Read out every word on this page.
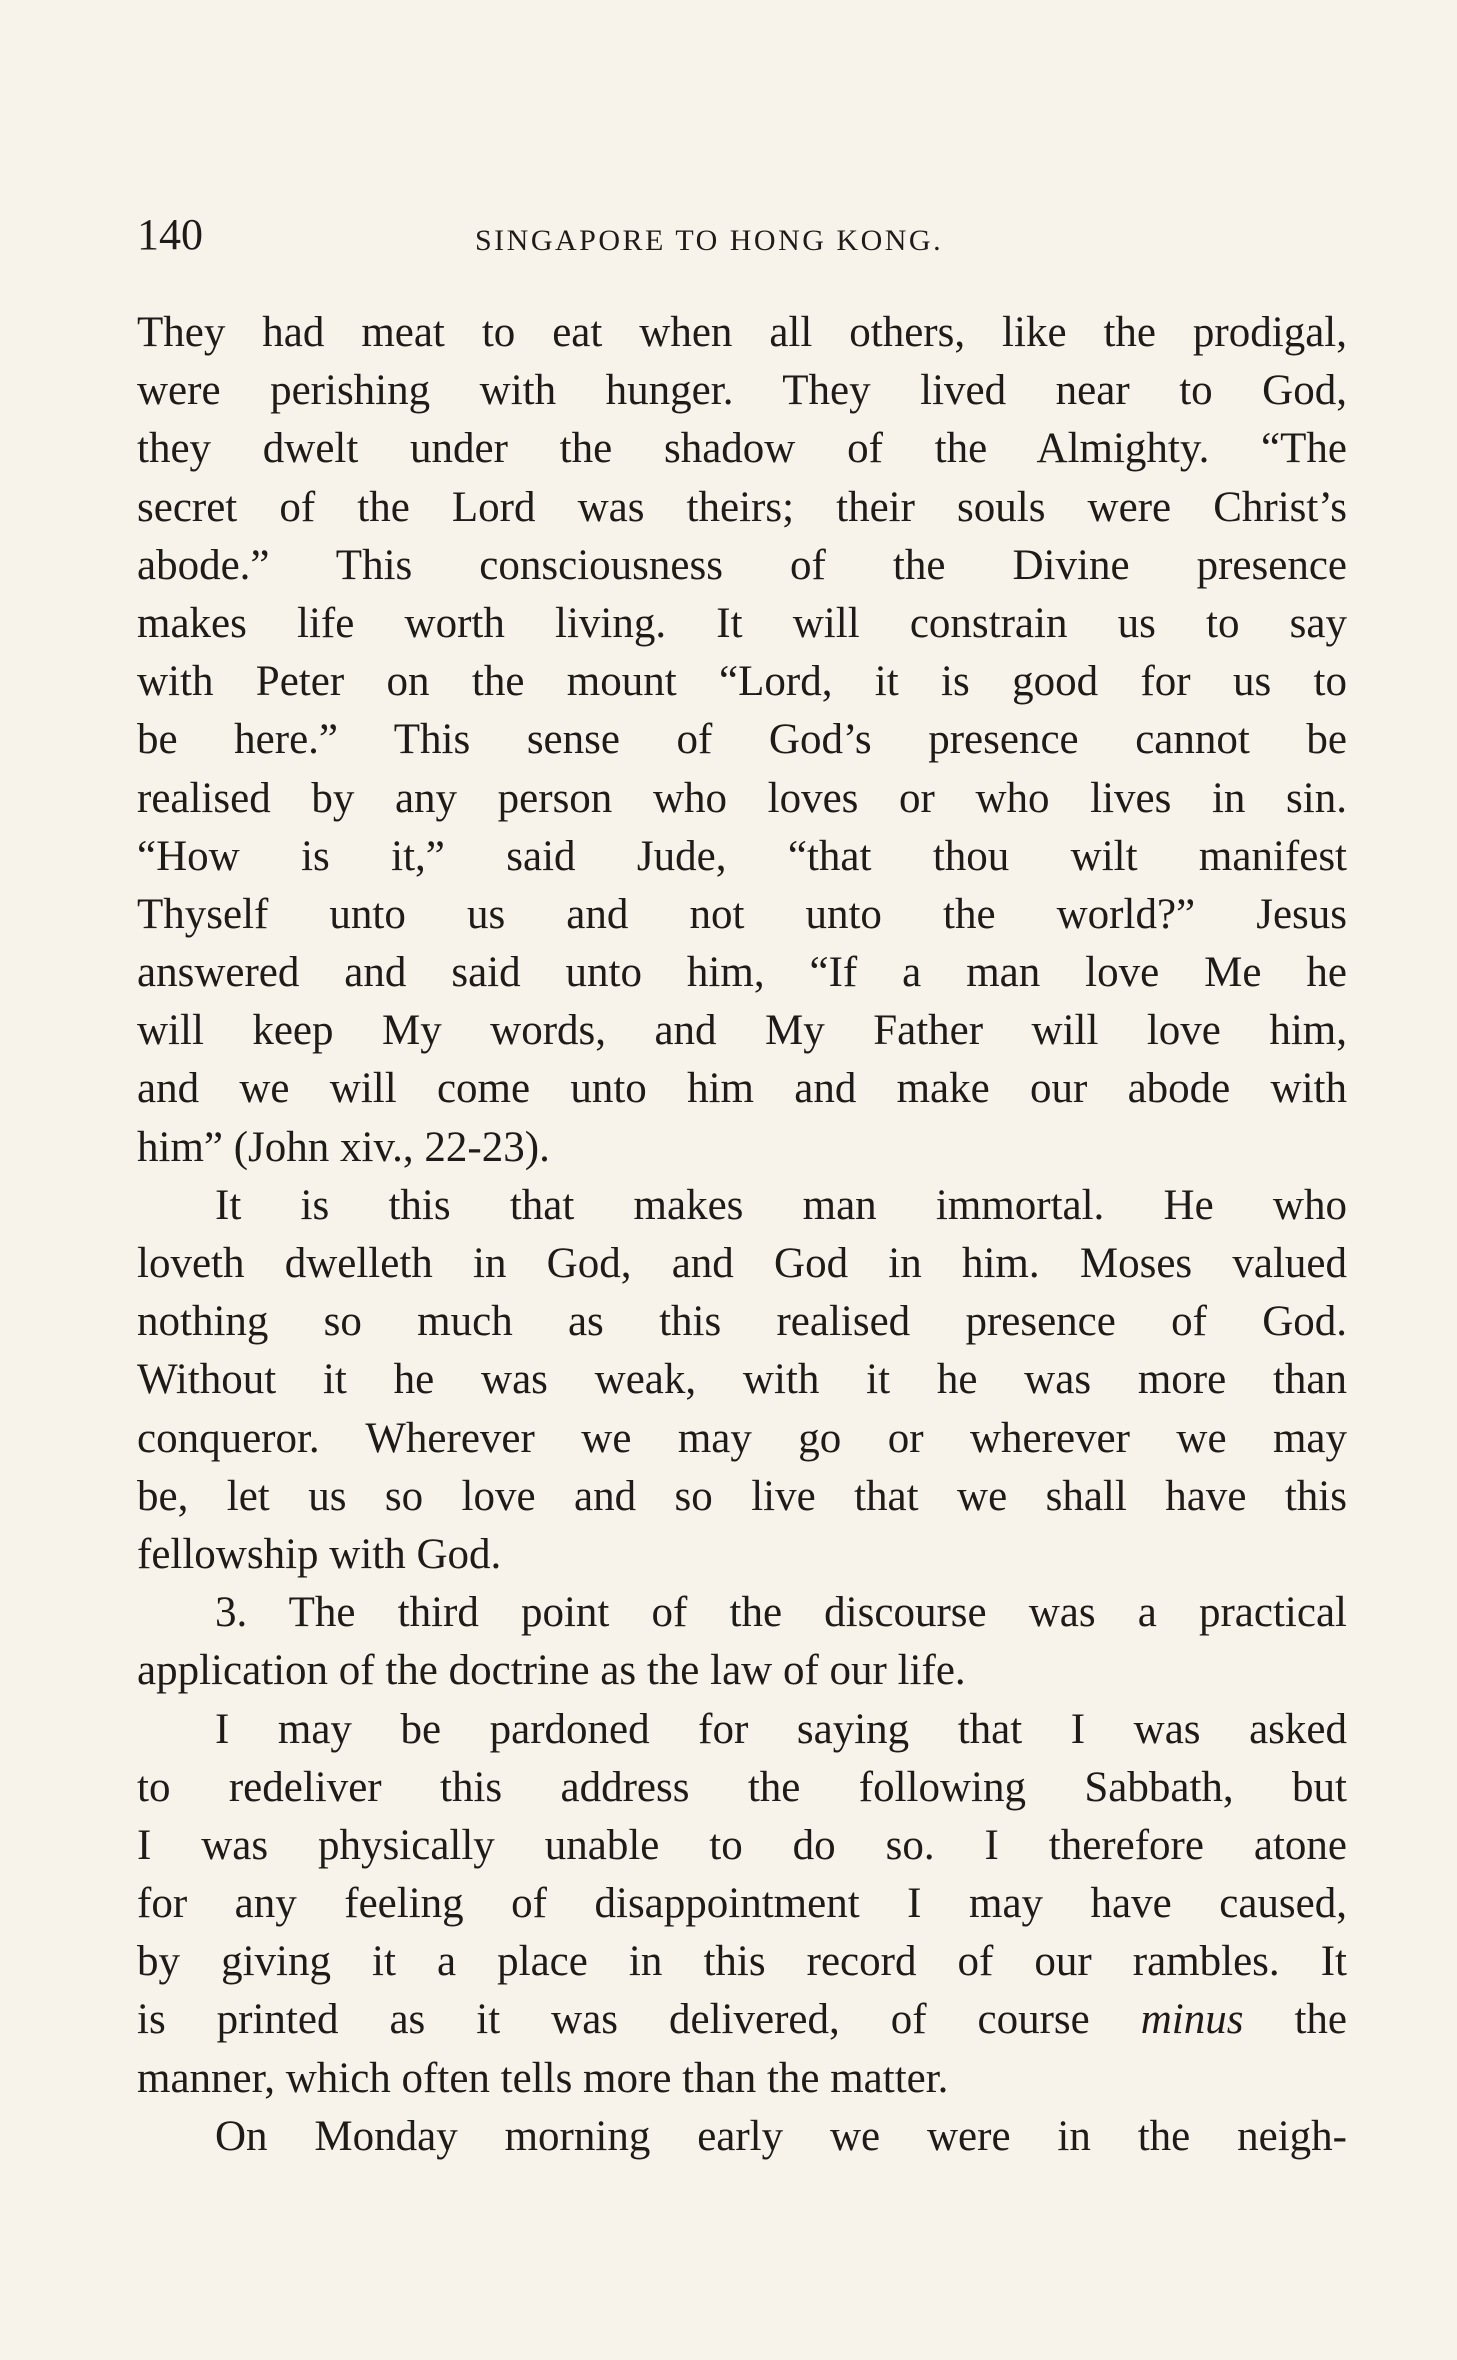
140	SINGAPORE TO HONG KONG.
They had meat to eat when all others, like the prodigal,
were perishing with hunger. They lived near to God,
they dwelt under the shadow of the Almighty. “The
secret of the Lord was theirs; their souls were Christ’s
abode.” This consciousness of the Divine presence
makes life worth living. It will constrain us to say
with Peter on the mount “Lord, it is good for us to
be here.” This sense of God’s presence cannot be
realised by any person who loves or who lives in sin.
“How is it,” said Jude, “that thou wilt manifest
Thyself unto us and not unto the world?” Jesus
answered and said unto him, “If a man love Me he
will keep My words, and My Father will love him,
and we will come unto him and make our abode with
him” (John xiv., 22-23).
It is this that makes man immortal. He who
loveth dwelleth in God, and God in him. Moses valued
nothing so much as this realised presence of God.
Without it he was weak, with it he was more than
conqueror. Wherever we may go or wherever we may
be, let us so love and so live that we shall have this
fellowship with God.
3. The third point of the discourse was a practical
application of the doctrine as the law of our life.
I may be pardoned for saying that I was asked
to redeliver this address the following Sabbath, but
I was physically unable to do so. I therefore atone
for any feeling of disappointment I may have caused,
by giving it a place in this record of our rambles. It
is printed as it was delivered, of course minus the
manner, which often tells more than the matter.
On Monday morning early we were in the neigh-
